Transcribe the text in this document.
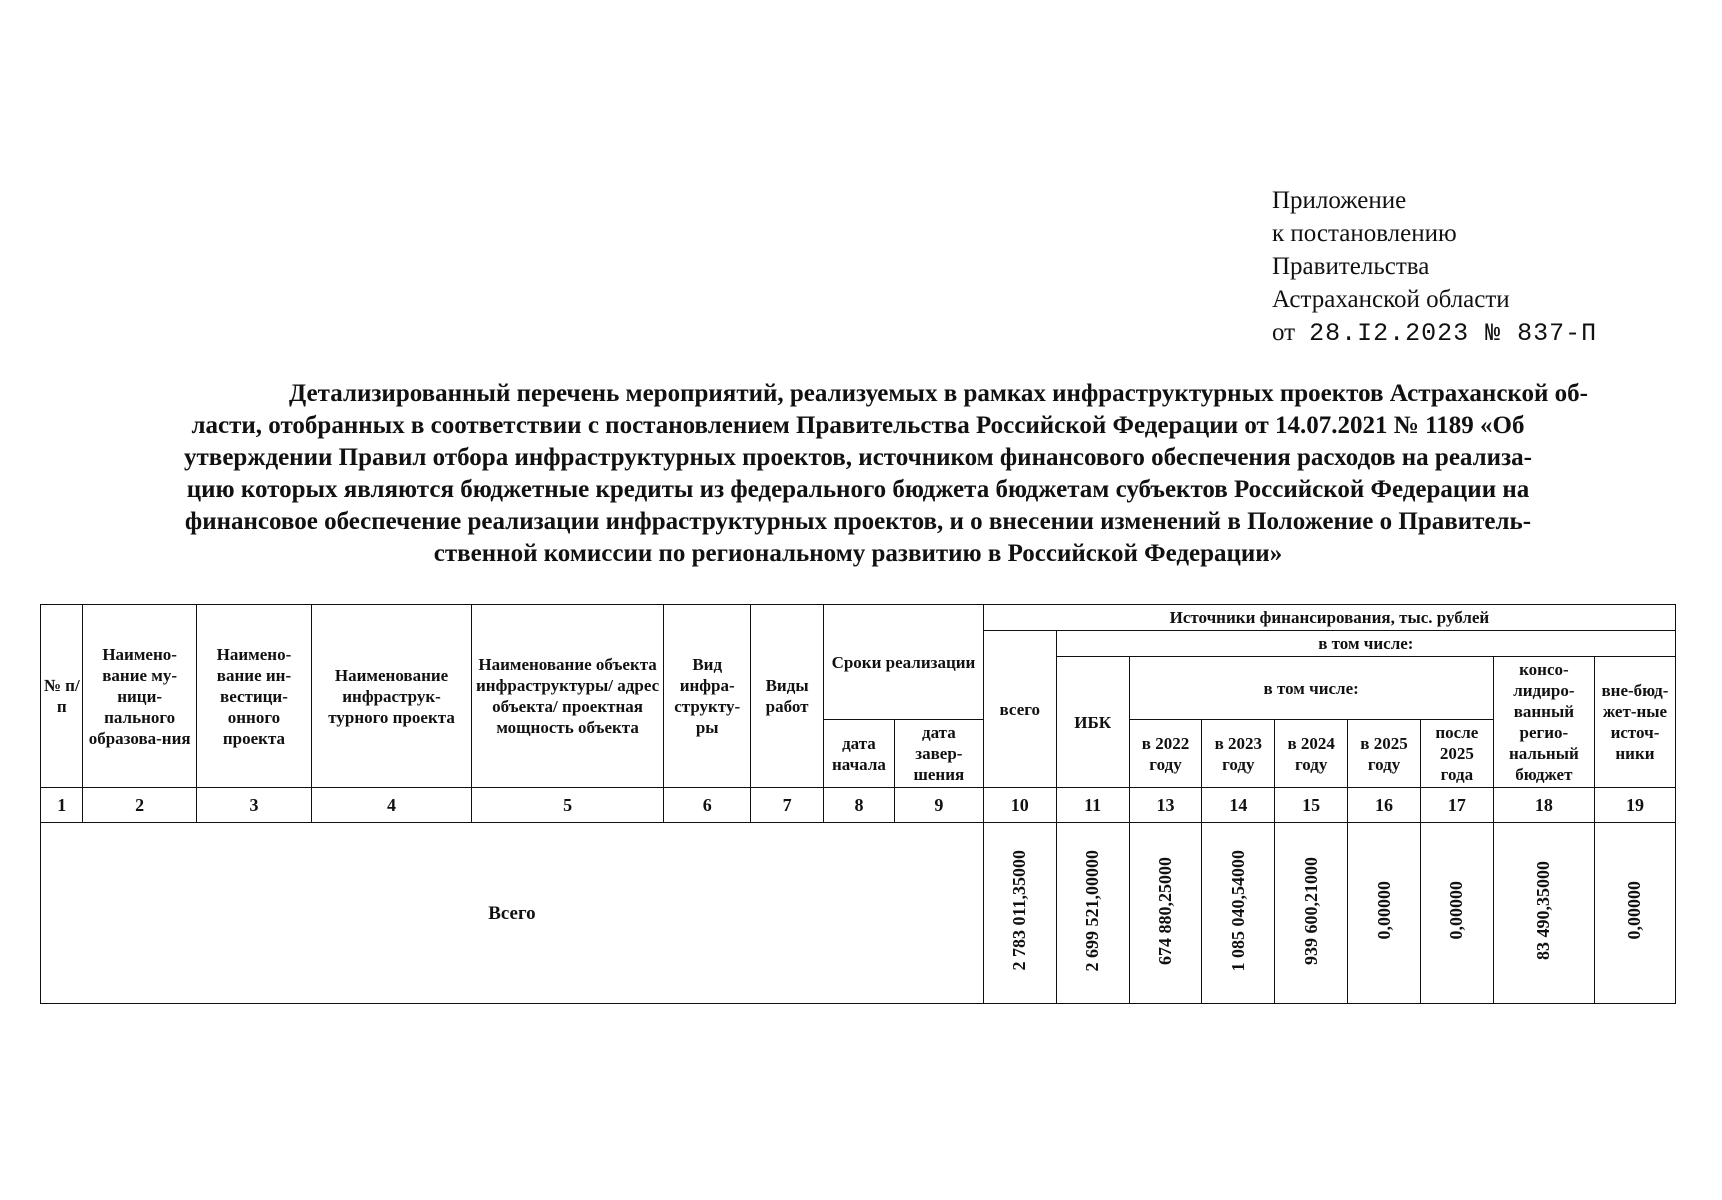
Приложение
к постановлению
Правительства
Астраханской области
от 28.I2.2023 № 837-П
Детализированный перечень мероприятий, реализуемых в рамках инфраструктурных проектов Астраханской об-
ласти, отобранных в соответствии с постановлением Правительства Российской Федерации от 14.07.2021 № 1189 «Об
утверждении Правил отбора инфраструктурных проектов, источником финансового обеспечения расходов на реализа-
цию которых являются бюджетные кредиты из федерального бюджета бюджетам субъектов Российской Федерации на
финансовое обеспечение реализации инфраструктурных проектов, и о внесении изменений в Положение о Правитель-
ственной комиссии по региональному развитию в Российской Федерации»
№ п/п	Наимено-вание му-ници-пального образова-ния	Наимено-вание ин-вестици-онного проекта	Наименование инфраструк-турного проекта	Наименование объекта инфраструктуры/ адрес объекта/ проектная мощность объекта	Вид инфра-структу-ры	Виды работ	Сроки реализации		Источники финансирования, тыс. рублей								
									всего	в том числе:							
										ИБК	в том числе:					консо-лидиро-ванный регио-нальный бюджет	вне-бюд-жет-ные источ-ники
							дата начала	дата завер-шения			в 2022 году	в 2023 году	в 2024 году	в 2025 году	после 2025 года		
1	2	3	4	5	6	7	8	9	10	11	13	14	15	16	17	18	19
Всего									2 783 011,35000	2 699 521,00000	674 880,25000	1 085 040,54000	939 600,21000	0,00000	0,00000	83 490,35000	0,00000
